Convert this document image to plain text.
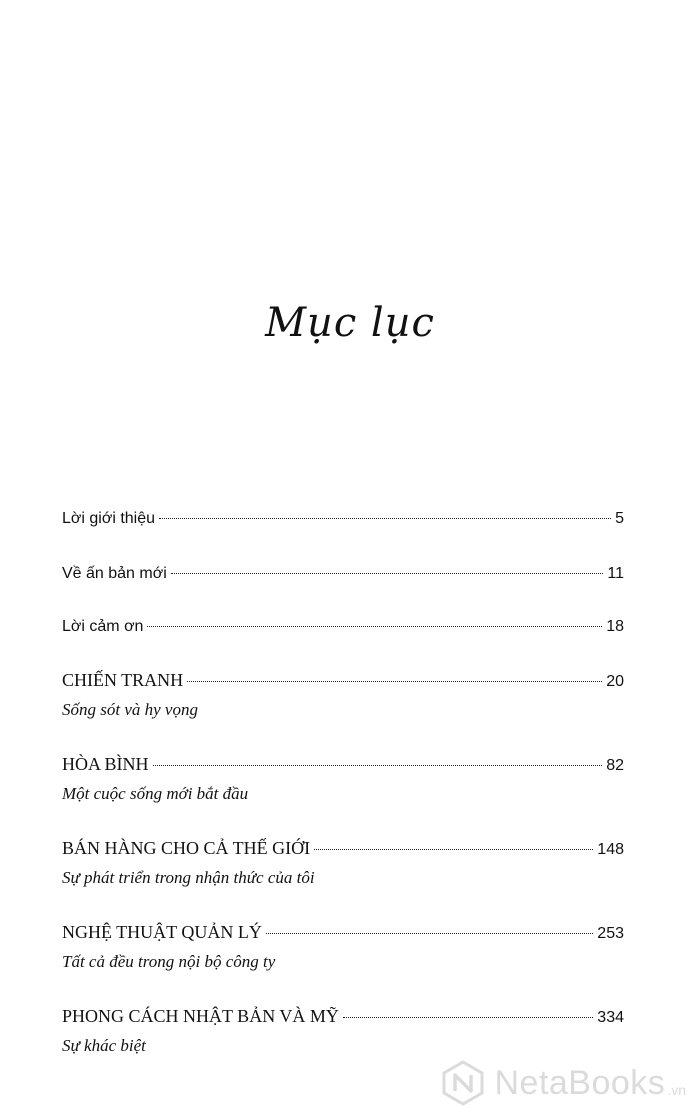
Mục lục
Lời giới thiệu	5
Về ấn bản mới	11
Lời cảm ơn	18
CHIẾN TRANH	20
Sống sót và hy vọng
HÒA BÌNH	82
Một cuộc sống mới bắt đầu
BÁN HÀNG CHO CẢ THẾ GIỚI	148
Sự phát triển trong nhận thức của tôi
NGHỆ THUẬT QUẢN LÝ	253
Tất cả đều trong nội bộ công ty
PHONG CÁCH NHẬT BẢN VÀ MỸ	334
Sự khác biệt
NetaBooks .vn
